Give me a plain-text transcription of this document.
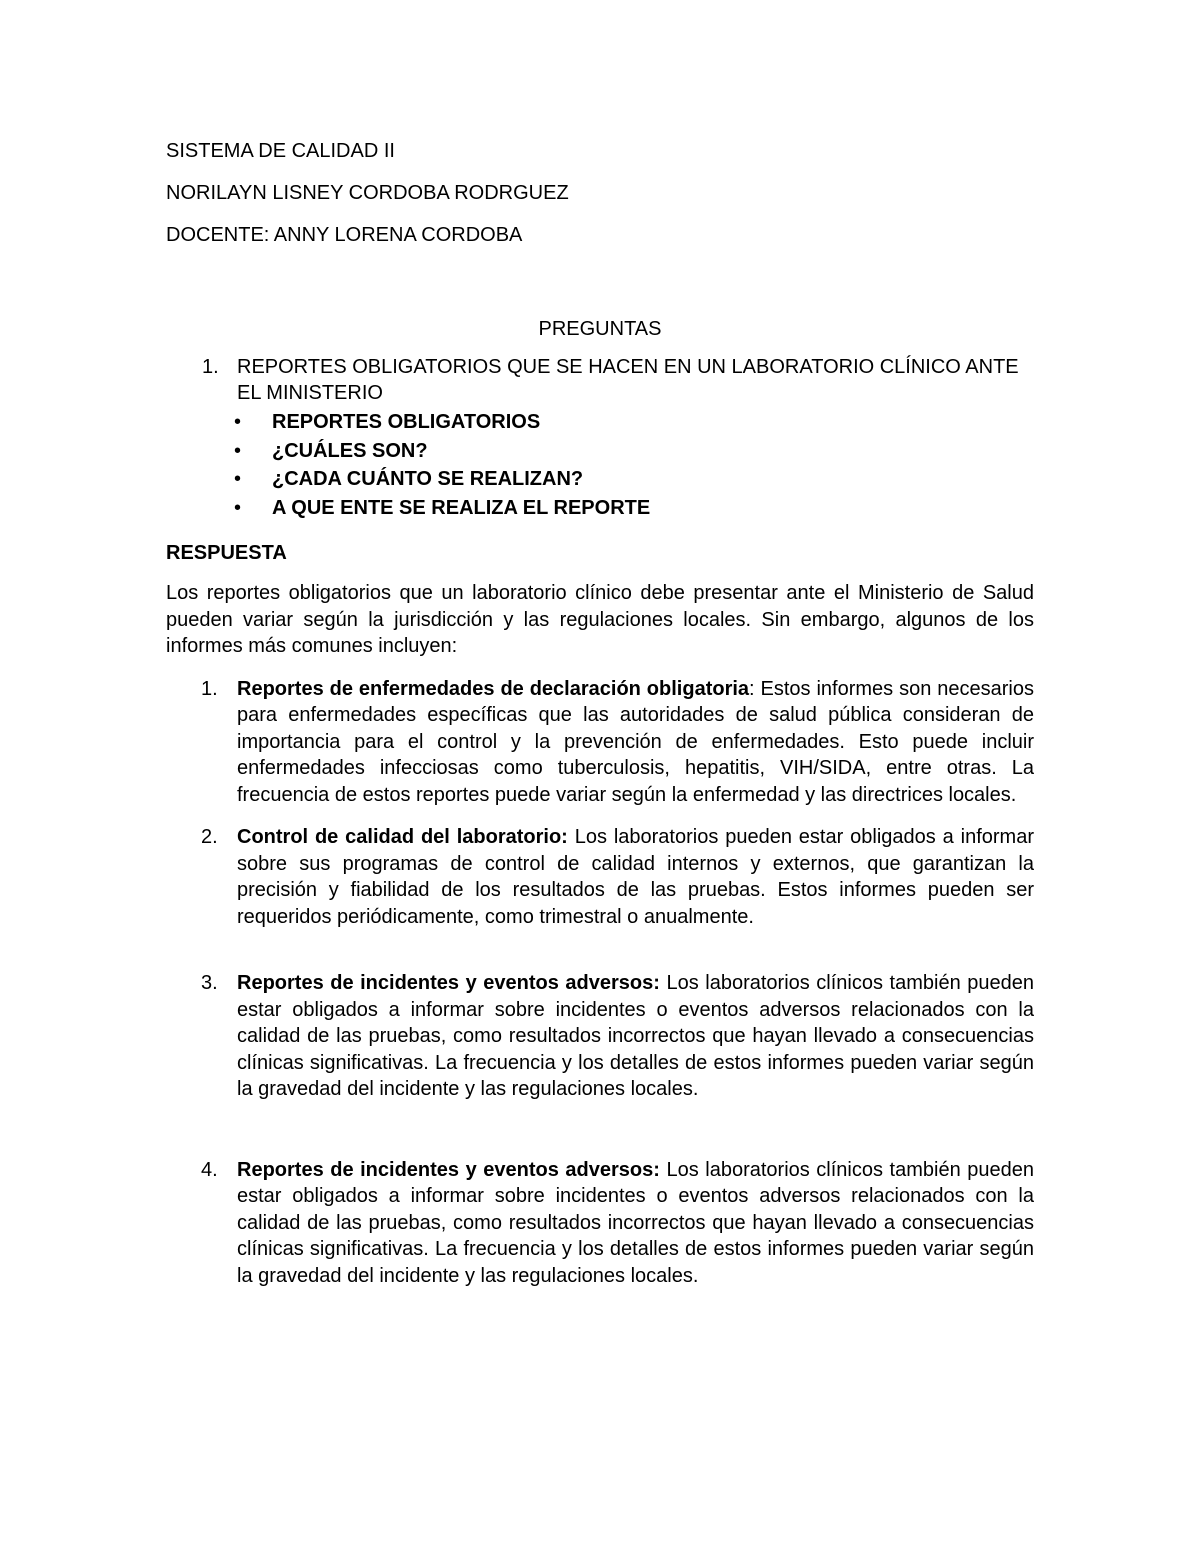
SISTEMA DE CALIDAD II
NORILAYN LISNEY CORDOBA RODRGUEZ
DOCENTE: ANNY LORENA CORDOBA
PREGUNTAS
1. REPORTES OBLIGATORIOS QUE SE HACEN EN UN LABORATORIO CLÍNICO ANTE EL MINISTERIO
• REPORTES OBLIGATORIOS
• ¿CUÁLES SON?
• ¿CADA CUÁNTO SE REALIZAN?
• A QUE ENTE SE REALIZA EL REPORTE
RESPUESTA

Los reportes obligatorios que un laboratorio clínico debe presentar ante el Ministerio de Salud pueden variar según la jurisdicción y las regulaciones locales. Sin embargo, algunos de los informes más comunes incluyen:

1. Reportes de enfermedades de declaración obligatoria: Estos informes son necesarios para enfermedades específicas que las autoridades de salud pública consideran de importancia para el control y la prevención de enfermedades. Esto puede incluir enfermedades infecciosas como tuberculosis, hepatitis, VIH/SIDA, entre otras. La frecuencia de estos reportes puede variar según la enfermedad y las directrices locales.
2. Control de calidad del laboratorio: Los laboratorios pueden estar obligados a informar sobre sus programas de control de calidad internos y externos, que garantizan la precisión y fiabilidad de los resultados de las pruebas. Estos informes pueden ser requeridos periódicamente, como trimestral o anualmente.
3. Reportes de incidentes y eventos adversos: Los laboratorios clínicos también pueden estar obligados a informar sobre incidentes o eventos adversos relacionados con la calidad de las pruebas, como resultados incorrectos que hayan llevado a consecuencias clínicas significativas. La frecuencia y los detalles de estos informes pueden variar según la gravedad del incidente y las regulaciones locales.
4. Reportes de incidentes y eventos adversos: Los laboratorios clínicos también pueden estar obligados a informar sobre incidentes o eventos adversos relacionados con la calidad de las pruebas, como resultados incorrectos que hayan llevado a consecuencias clínicas significativas. La frecuencia y los detalles de estos informes pueden variar según la gravedad del incidente y las regulaciones locales.
